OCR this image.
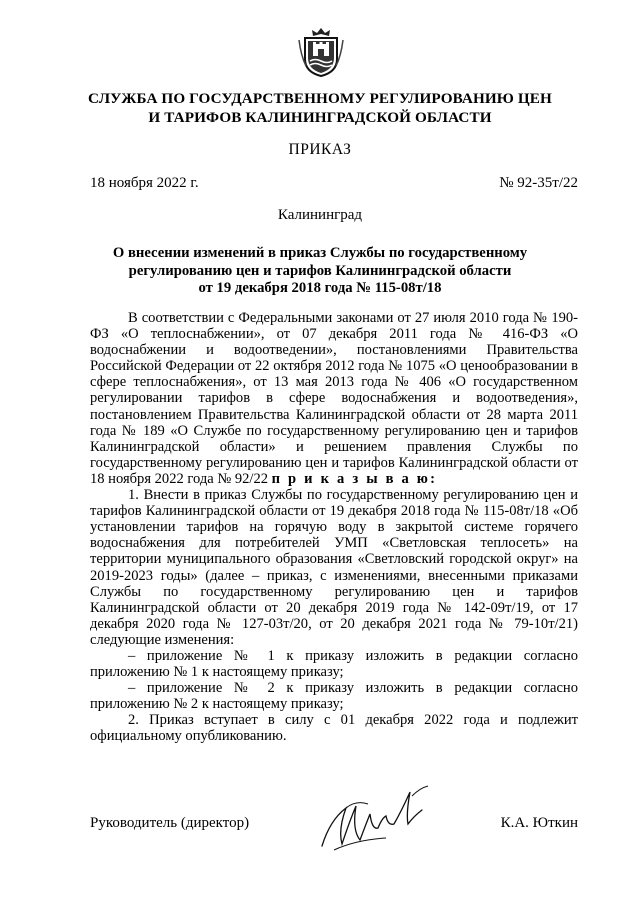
СЛУЖБА ПО ГОСУДАРСТВЕННОМУ РЕГУЛИРОВАНИЮ ЦЕН
И ТАРИФОВ КАЛИНИНГРАДСКОЙ ОБЛАСТИ
ПРИКАЗ
18 ноября 2022 г.	№ 92-35т/22
Калининград
О внесении изменений в приказ Службы по государственному
регулированию цен и тарифов Калининградской области
от 19 декабря 2018 года № 115-08т/18

В соответствии с Федеральными законами от 27 июля 2010 года № 190-ФЗ «О теплоснабжении», от 07 декабря 2011 года № 416-ФЗ «О водоснабжении и водоотведении», постановлениями Правительства Российской Федерации от 22 октября 2012 года № 1075 «О ценообразовании в сфере теплоснабжения», от 13 мая 2013 года № 406 «О государственном регулировании тарифов в сфере водоснабжения и водоотведения», постановлением Правительства Калининградской области от 28 марта 2011 года № 189 «О Службе по государственному регулированию цен и тарифов Калининградской области» и решением правления Службы по государственному регулированию цен и тарифов Калининградской области от 18 ноября 2022 года № 92/22 п р и к а з ы в а ю:

1. Внести в приказ Службы по государственному регулированию цен и тарифов Калининградской области от 19 декабря 2018 года № 115-08т/18 «Об установлении тарифов на горячую воду в закрытой системе горячего водоснабжения для потребителей УМП «Светловская теплосеть» на территории муниципального образования «Светловский городской округ» на 2019-2023 годы» (далее – приказ, с изменениями, внесенными приказами Службы по государственному регулированию цен и тарифов Калининградской области от 20 декабря 2019 года № 142-09т/19, от 17 декабря 2020 года № 127-03т/20, от 20 декабря 2021 года № 79-10т/21) следующие изменения:

– приложение № 1 к приказу изложить в редакции согласно приложению № 1 к настоящему приказу;

– приложение № 2 к приказу изложить в редакции согласно приложению № 2 к настоящему приказу;

2. Приказ вступает в силу с 01 декабря 2022 года и подлежит официальному опубликованию.

Руководитель (директор)	К.А. Юткин
